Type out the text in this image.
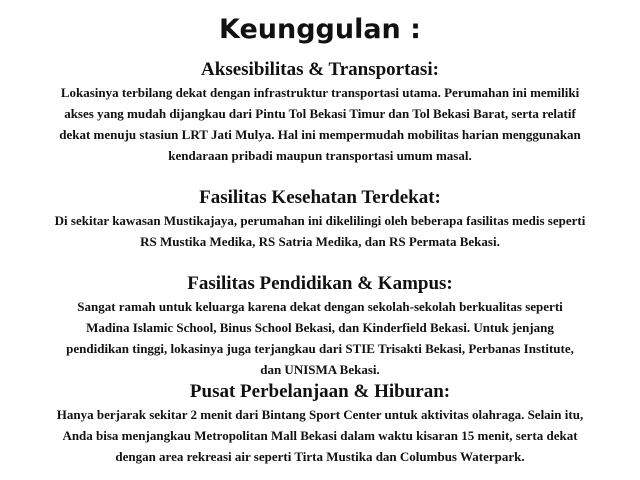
Keunggulan :
Aksesibilitas & Transportasi:

Lokasinya terbilang dekat dengan infrastruktur transportasi utama. Perumahan ini memiliki

akses yang mudah dijangkau dari Pintu Tol Bekasi Timur dan Tol Bekasi Barat, serta relatif

dekat menuju stasiun LRT Jati Mulya. Hal ini mempermudah mobilitas harian menggunakan

kendaraan pribadi maupun transportasi umum masal.

Fasilitas Kesehatan Terdekat:

Di sekitar kawasan Mustikajaya, perumahan ini dikelilingi oleh beberapa fasilitas medis seperti

RS Mustika Medika, RS Satria Medika, dan RS Permata Bekasi.

Fasilitas Pendidikan & Kampus:

Sangat ramah untuk keluarga karena dekat dengan sekolah-sekolah berkualitas seperti

Madina Islamic School, Binus School Bekasi, dan Kinderfield Bekasi. Untuk jenjang

pendidikan tinggi, lokasinya juga terjangkau dari STIE Trisakti Bekasi, Perbanas Institute,

dan UNISMA Bekasi.

Pusat Perbelanjaan & Hiburan:

Hanya berjarak sekitar 2 menit dari Bintang Sport Center untuk aktivitas olahraga. Selain itu,

Anda bisa menjangkau Metropolitan Mall Bekasi dalam waktu kisaran 15 menit, serta dekat

dengan area rekreasi air seperti Tirta Mustika dan Columbus Waterpark.
